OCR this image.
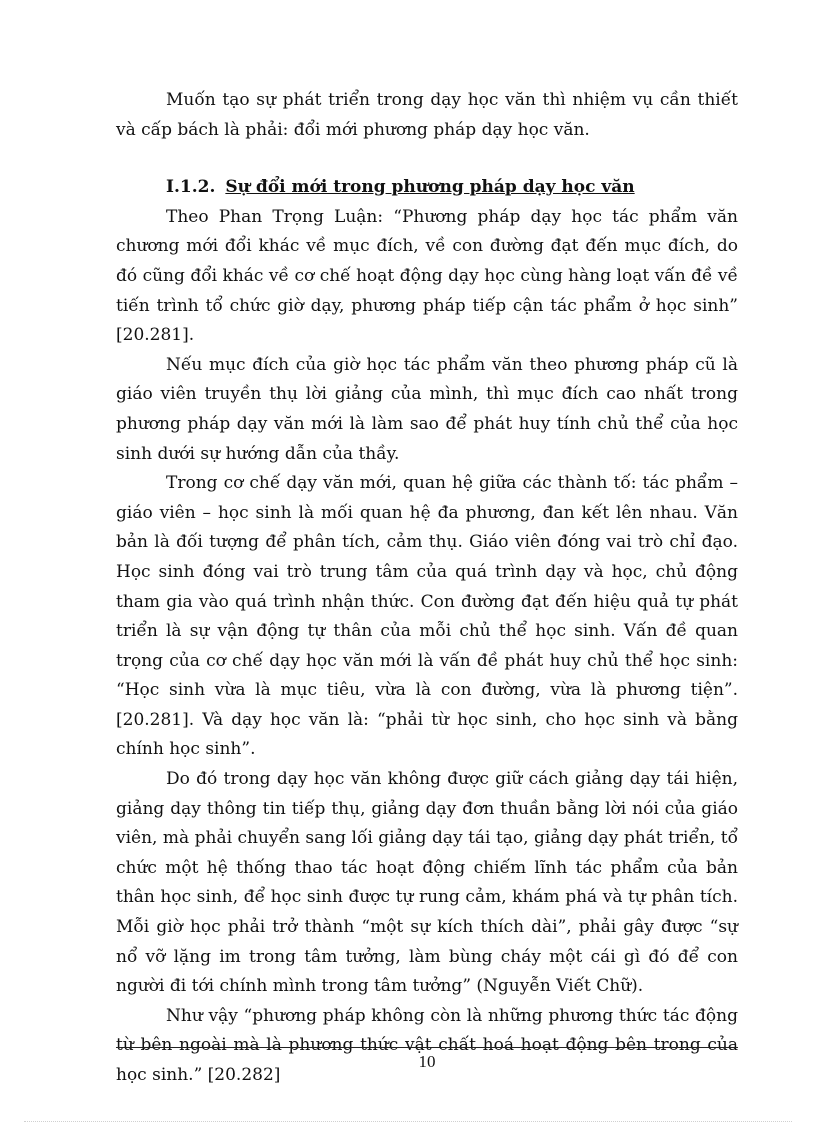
Muốn tạo sự phát triển trong dạy học văn thì nhiệm vụ cần thiết và cấp bách là phải: đổi mới phương pháp dạy học văn.

I.1.2. Sự đổi mới trong phương pháp dạy học văn

Theo Phan Trọng Luận: “Phương pháp dạy học tác phẩm văn chương mới đổi khác về mục đích, về con đường đạt đến mục đích, do đó cũng đổi khác về cơ chế hoạt động dạy học cùng hàng loạt vấn đề về tiến trình tổ chức giờ dạy, phương pháp tiếp cận tác phẩm ở học sinh” [20.281].

Nếu mục đích của giờ học tác phẩm văn theo phương pháp cũ là giáo viên truyền thụ lời giảng của mình, thì mục đích cao nhất trong phương pháp dạy văn mới là làm sao để phát huy tính chủ thể của học sinh dưới sự hướng dẫn của thầy.

Trong cơ chế dạy văn mới, quan hệ giữa các thành tố: tác phẩm – giáo viên – học sinh là mối quan hệ đa phương, đan kết lên nhau. Văn bản là đối tượng để phân tích, cảm thụ. Giáo viên đóng vai trò chỉ đạo. Học sinh đóng vai trò trung tâm của quá trình dạy và học, chủ động tham gia vào quá trình nhận thức. Con đường đạt đến hiệu quả tự phát triển là sự vận động tự thân của mỗi chủ thể học sinh. Vấn đề quan trọng của cơ chế dạy học văn mới là vấn đề phát huy chủ thể học sinh: “Học sinh vừa là mục tiêu, vừa là con đường, vừa là phương tiện”. [20.281]. Và dạy học văn là: “phải từ học sinh, cho học sinh và bằng chính học sinh”.

Do đó trong dạy học văn không được giữ cách giảng dạy tái hiện, giảng dạy thông tin tiếp thụ, giảng dạy đơn thuần bằng lời nói của giáo viên, mà phải chuyển sang lối giảng dạy tái tạo, giảng dạy phát triển, tổ chức một hệ thống thao tác hoạt động chiếm lĩnh tác phẩm của bản thân học sinh, để học sinh được tự rung cảm, khám phá và tự phân tích. Mỗi giờ học phải trở thành “một sự kích thích dài”, phải gây được “sự nổ vỡ lặng im trong tâm tưởng, làm bùng cháy một cái gì đó để con người đi tới chính mình trong tâm tưởng” (Nguyễn Viết Chữ).

Như vậy “phương pháp không còn là những phương thức tác động từ bên ngoài mà là phương thức vật chất hoá hoạt động bên trong của học sinh.” [20.282]

10
